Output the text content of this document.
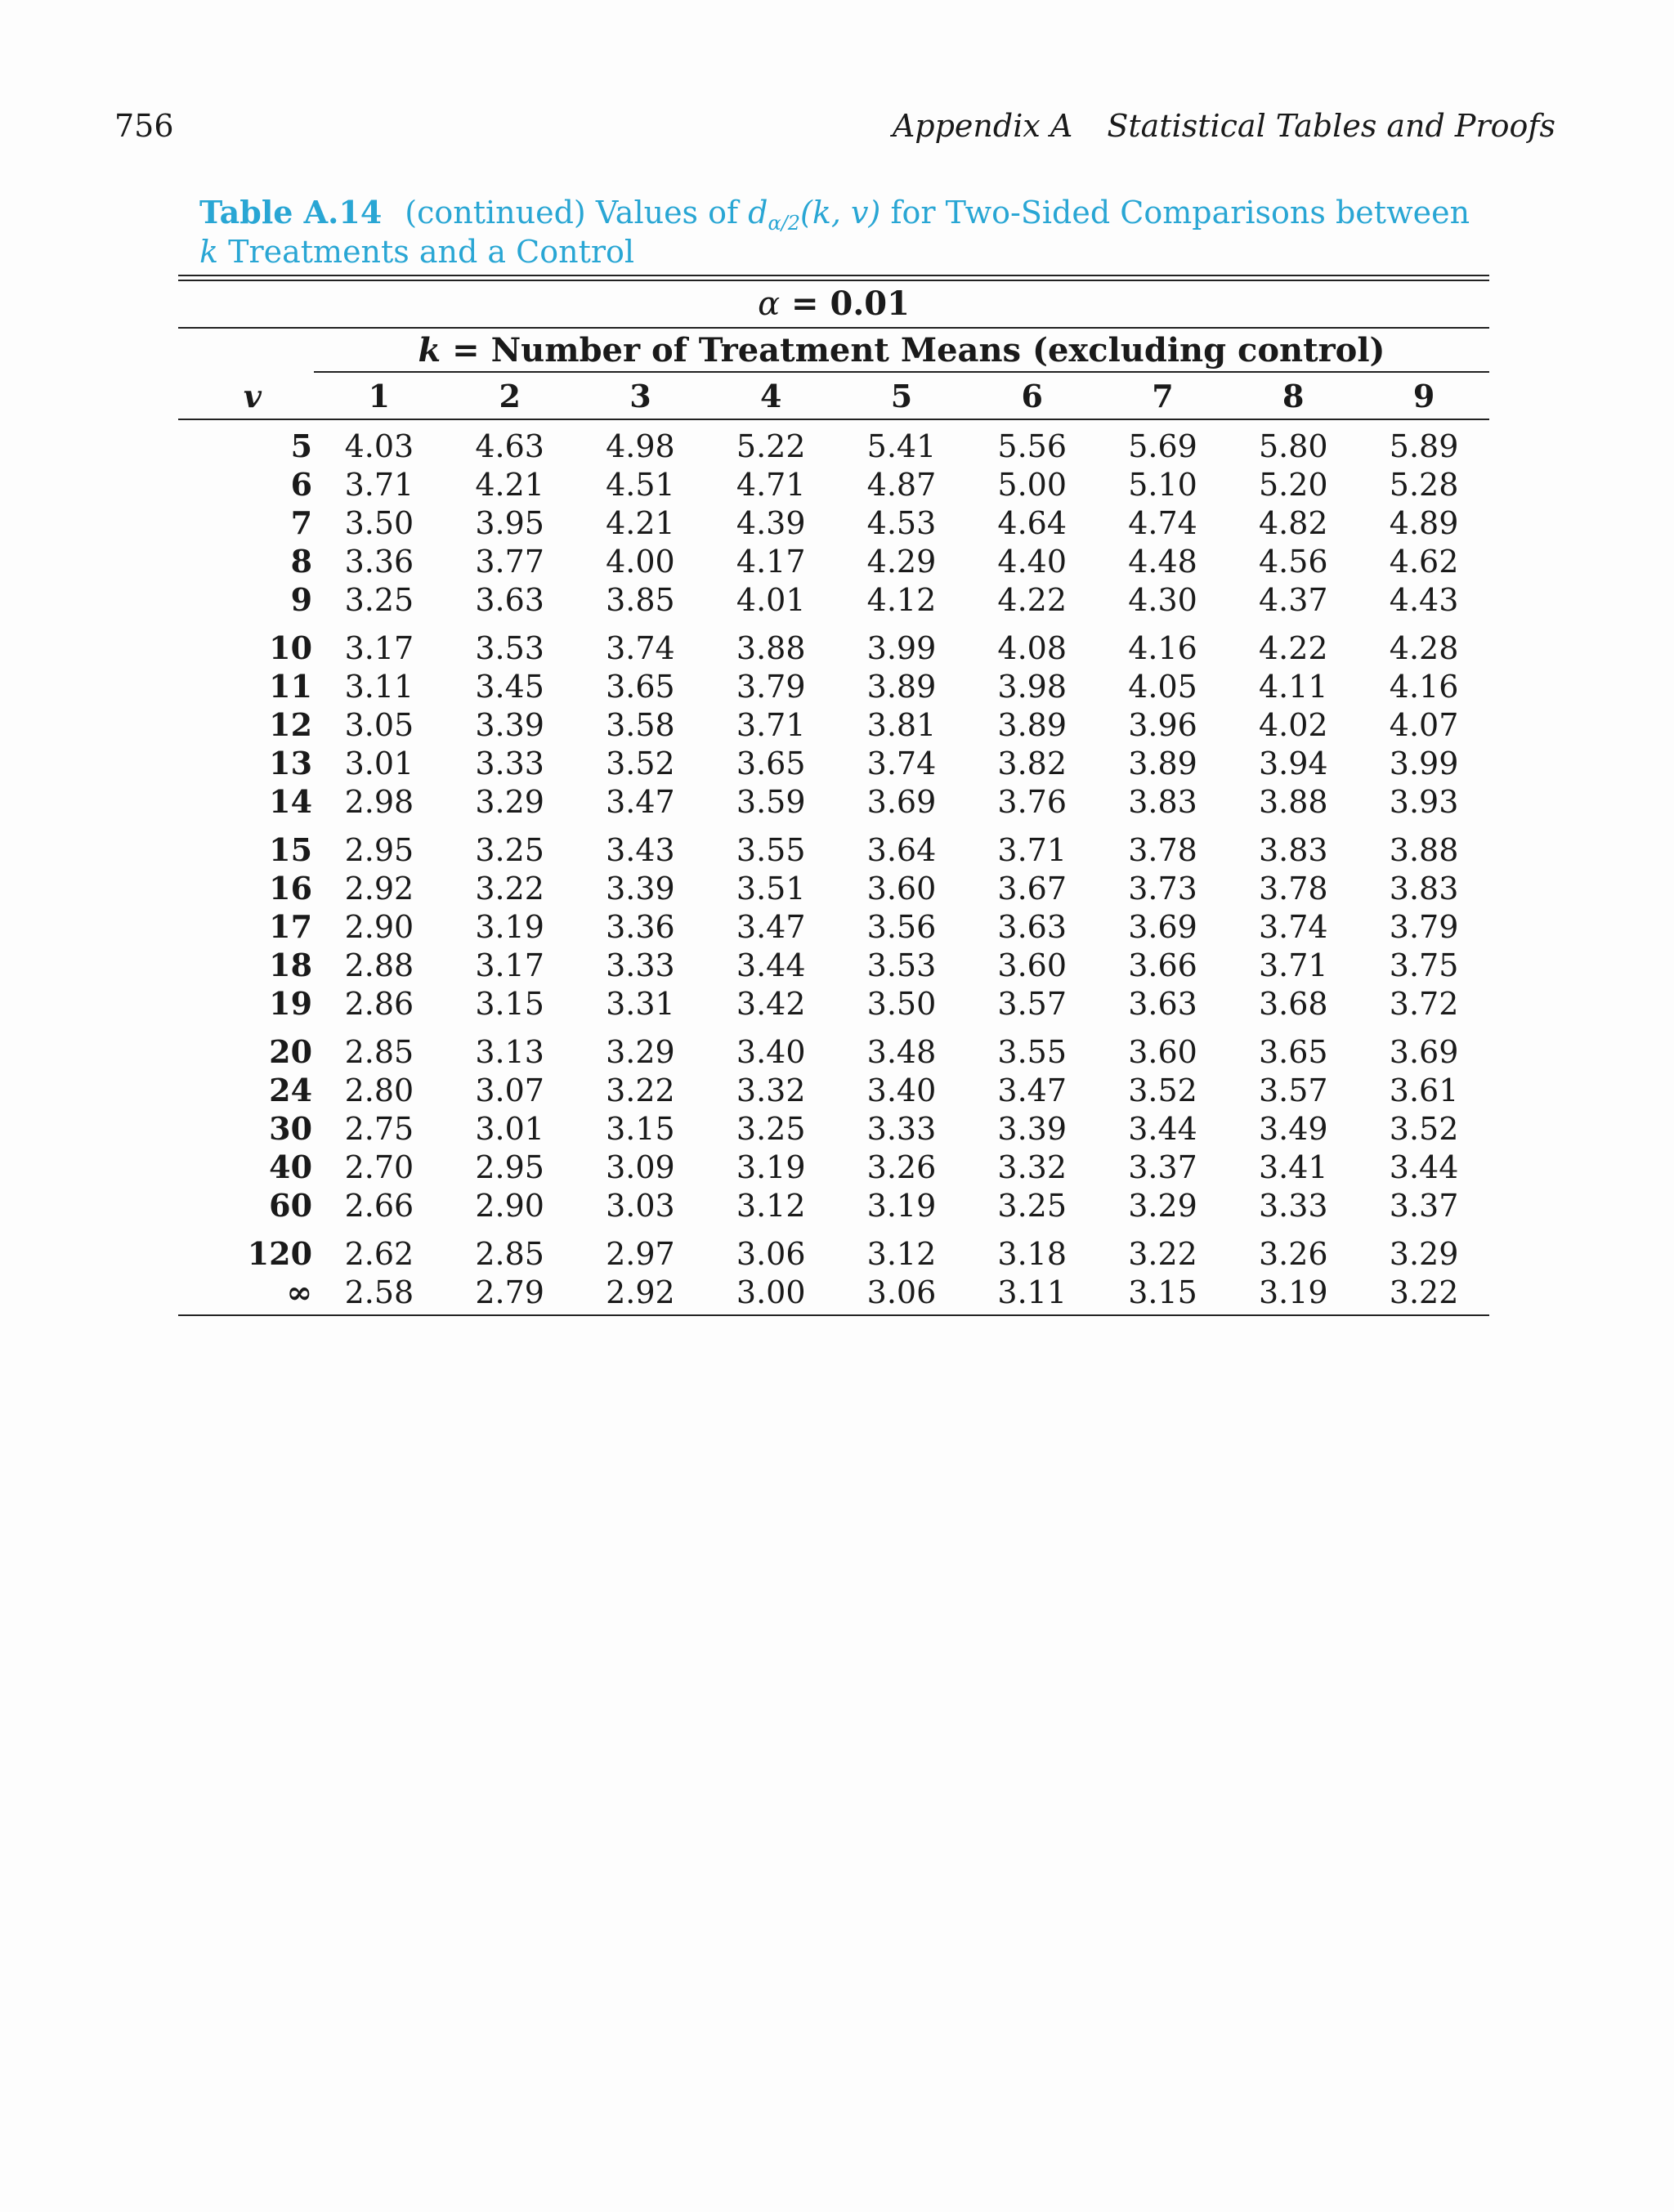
756	Appendix A Statistical Tables and Proofs
Table A.14 (continued) Values of $d_{\alpha/2}(k$, v) for Two-Sided Comparisons between k Treatments and a Control
α = 0.01
k = Number of Treatment Means (excluding control)
v	1	2	3	4	5	6	7	8	9
5	4.03	4.63	4.98	5.22	5.41	5.56	5.69	5.80	5.89
6	3.71	4.21	4.51	4.71	4.87	5.00	5.10	5.20	5.28
7	3.50	3.95	4.21	4.39	4.53	4.64	4.74	4.82	4.89
8	3.36	3.77	4.00	4.17	4.29	4.40	4.48	4.56	4.62
9	3.25	3.63	3.85	4.01	4.12	4.22	4.30	4.37	4.43
10	3.17	3.53	3.74	3.88	3.99	4.08	4.16	4.22	4.28
11	3.11	3.45	3.65	3.79	3.89	3.98	4.05	4.11	4.16
12	3.05	3.39	3.58	3.71	3.81	3.89	3.96	4.02	4.07
13	3.01	3.33	3.52	3.65	3.74	3.82	3.89	3.94	3.99
14	2.98	3.29	3.47	3.59	3.69	3.76	3.83	3.88	3.93
15	2.95	3.25	3.43	3.55	3.64	3.71	3.78	3.83	3.88
16	2.92	3.22	3.39	3.51	3.60	3.67	3.73	3.78	3.83
17	2.90	3.19	3.36	3.47	3.56	3.63	3.69	3.74	3.79
18	2.88	3.17	3.33	3.44	3.53	3.60	3.66	3.71	3.75
19	2.86	3.15	3.31	3.42	3.50	3.57	3.63	3.68	3.72
20	2.85	3.13	3.29	3.40	3.48	3.55	3.60	3.65	3.69
24	2.80	3.07	3.22	3.32	3.40	3.47	3.52	3.57	3.61
30	2.75	3.01	3.15	3.25	3.33	3.39	3.44	3.49	3.52
40	2.70	2.95	3.09	3.19	3.26	3.32	3.37	3.41	3.44
60	2.66	2.90	3.03	3.12	3.19	3.25	3.29	3.33	3.37
120	2.62	2.85	2.97	3.06	3.12	3.18	3.22	3.26	3.29
∞	2.58	2.79	2.92	3.00	3.06	3.11	3.15	3.19	3.22
